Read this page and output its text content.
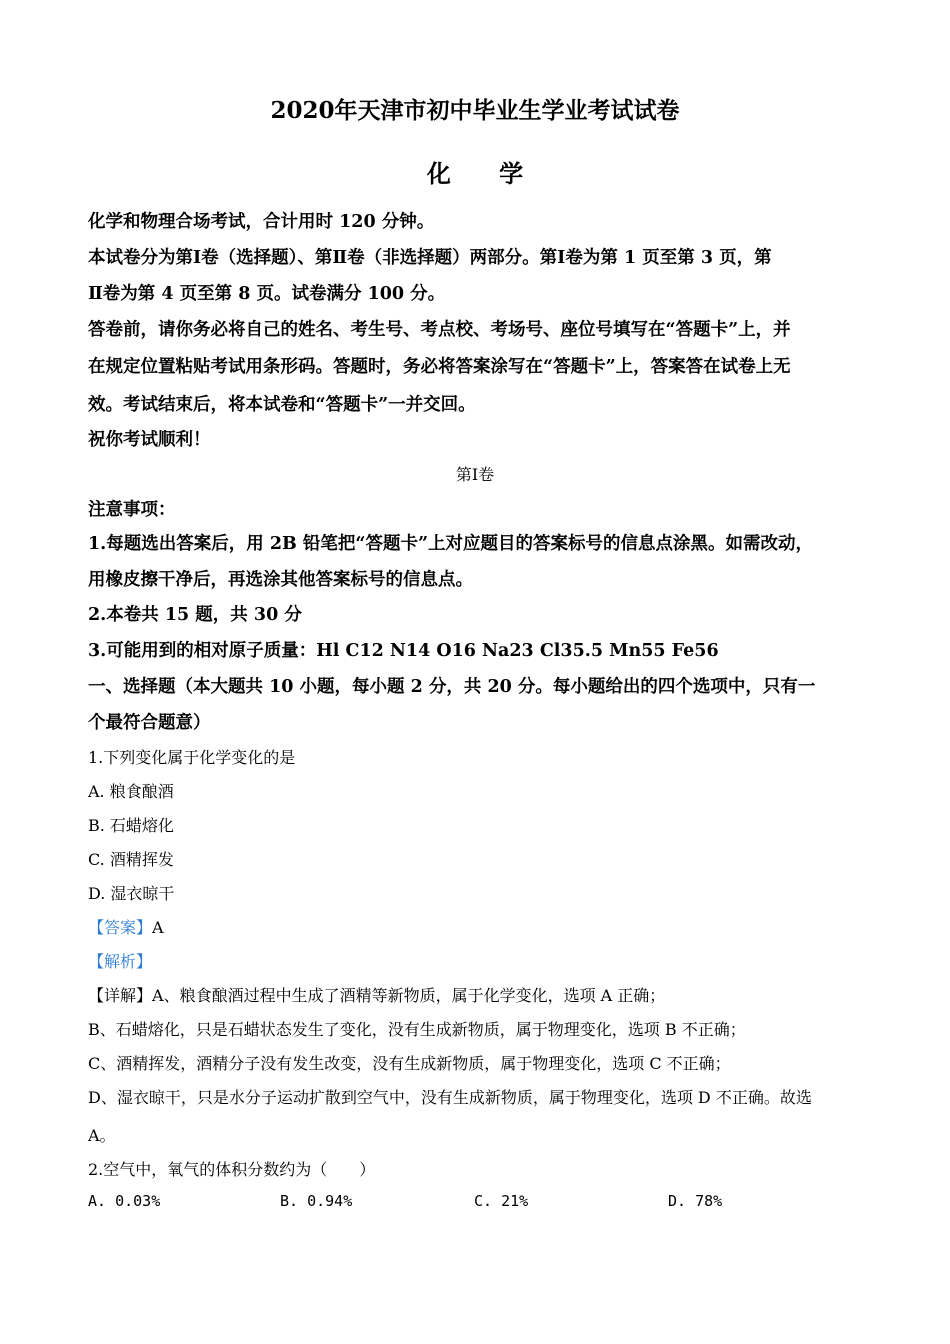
2020年天津市初中毕业生学业考试试卷
化 学
化学和物理合场考试，合计用时 120 分钟。
本试卷分为第Ⅰ卷（选择题）、第Ⅱ卷（非选择题）两部分。第Ⅰ卷为第 1 页至第 3 页，第
Ⅱ卷为第 4 页至第 8 页。试卷满分 100 分。
答卷前，请你务必将自己的姓名、考生号、考点校、考场号、座位号填写在“答题卡”上，并
在规定位置粘贴考试用条形码。答题时，务必将答案涂写在“答题卡”上，答案答在试卷上无
效。考试结束后，将本试卷和“答题卡”一并交回。
祝你考试顺利！
第Ⅰ卷
注意事项：
1.每题选出答案后，用 2B 铅笔把“答题卡”上对应题目的答案标号的信息点涂黑。如需改动，
用橡皮擦干净后，再选涂其他答案标号的信息点。
2.本卷共 15 题，共 30 分
3.可能用到的相对原子质量：Hl C12 N14 O16 Na23 Cl35.5 Mn55 Fe56
一、选择题（本大题共 10 小题，每小题 2 分，共 20 分。每小题给出的四个选项中，只有一
个最符合题意）
1.下列变化属于化学变化的是
A. 粮食酿酒
B. 石蜡熔化
C. 酒精挥发
D. 湿衣晾干
【答案】A
【解析】
【详解】A、粮食酿酒过程中生成了酒精等新物质，属于化学变化，选项 A 正确；
B、石蜡熔化，只是石蜡状态发生了变化，没有生成新物质，属于物理变化，选项 B 不正确；
C、酒精挥发，酒精分子没有发生改变，没有生成新物质，属于物理变化，选项 C 不正确；
D、湿衣晾干，只是水分子运动扩散到空气中，没有生成新物质，属于物理变化，选项 D 不正确。故选
A。
2.空气中，氧气的体积分数约为（　　）
A. 0.03%	B. 0.94%	C. 21%	D. 78%
